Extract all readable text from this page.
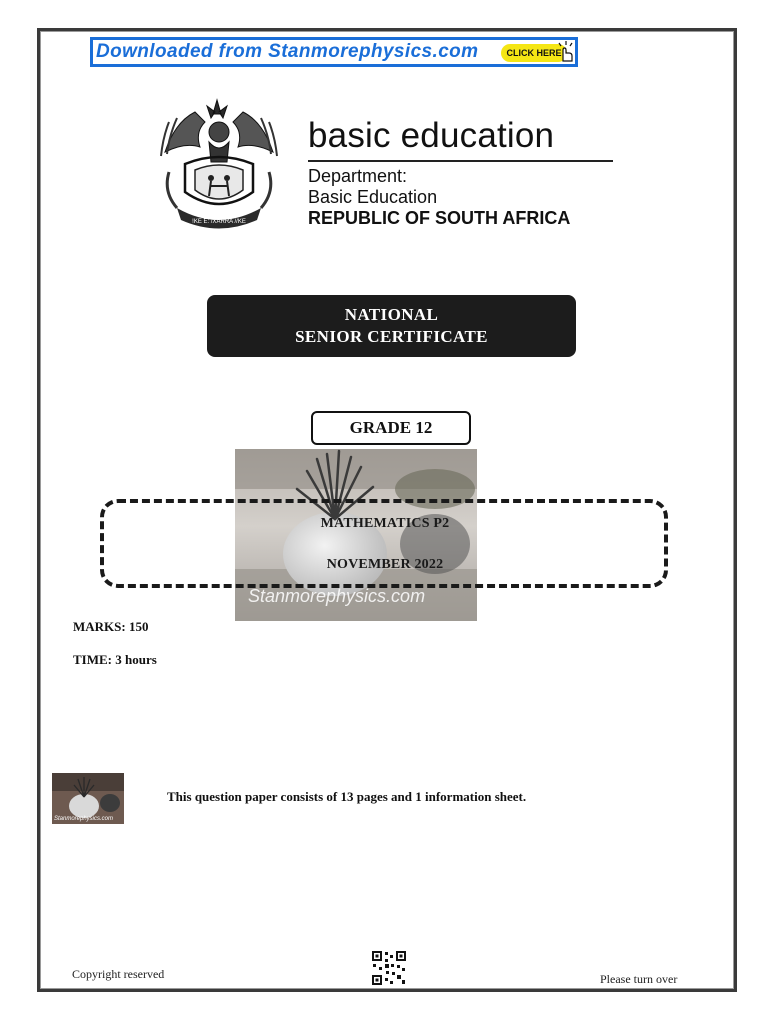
Downloaded from Stanmorephysics.com	CLICK HERE
!KE E: /XARRA //KE
basic education
Department:
Basic Education
REPUBLIC OF SOUTH AFRICA
NATIONAL
SENIOR CERTIFICATE
GRADE 12
MATHEMATICS P2
NOVEMBER 2022
Stanmorephysics.com
MARKS: 150
TIME: 3 hours
Stanmorephysics.com
This question paper consists of 13 pages and 1 information sheet.
Copyright reserved	Please turn over
